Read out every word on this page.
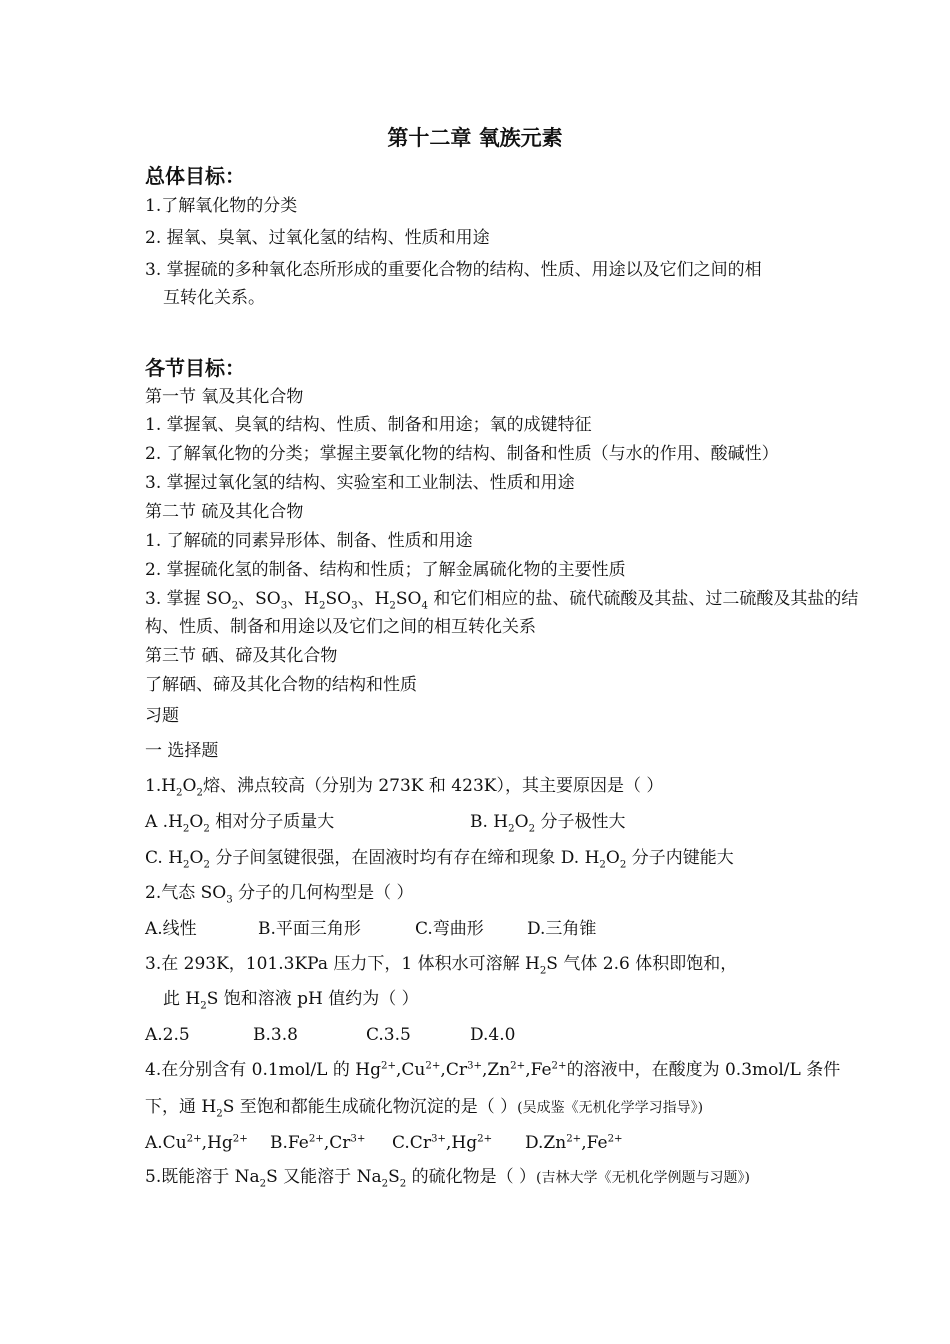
第十二章 氧族元素
总体目标：
1.了解氧化物的分类
2. 握氧、臭氧、过氧化氢的结构、性质和用途
3. 掌握硫的多种氧化态所形成的重要化合物的结构、性质、用途以及它们之间的相
互转化关系。
各节目标：
第一节 氧及其化合物
1. 掌握氧、臭氧的结构、性质、制备和用途；氧的成键特征
2. 了解氧化物的分类；掌握主要氧化物的结构、制备和性质（与水的作用、酸碱性）
3. 掌握过氧化氢的结构、实验室和工业制法、性质和用途
第二节 硫及其化合物
1. 了解硫的同素异形体、制备、性质和用途
2. 掌握硫化氢的制备、结构和性质；了解金属硫化物的主要性质
3. 掌握 $SO_2$、$SO_3$、$H_2SO_3$、$H_2SO_4$ 和它们相应的盐、硫代硫酸及其盐、过二硫酸及其盐的结
构、性质、制备和用途以及它们之间的相互转化关系
第三节 硒、碲及其化合物
了解硒、碲及其化合物的结构和性质
习题
一 选择题
$1.H_2O_2$熔、沸点较高（分别为 273K 和 423K），其主要原因是（ ）
A $.H_2O_2$ 相对分子质量大	B. $H_2O_2$ 分子极性大
C. $H_2O_2$ 分子间氢键很强，在固液时均有存在缔和现象 D. $H_2O_2$ 分子内键能大
2.气态 $SO_3$ 分子的几何构型是（ ）
A.线性	B.平面三角形	C.弯曲形	D.三角锥
3.在 293K，101.3KPa 压力下，1 体积水可溶解 $H_2S$ 气体 2.6 体积即饱和，
此 $H_2S$ 饱和溶液 pH 值约为（ ）
A.2.5	B.3.8	C.3.5	D.4.0
4.在分别含有 0.1mol/L 的 $Hg^{2+},Cu^{2+},Cr^{3+},Zn^{2+},Fe^{2+}$的溶液中，在酸度为 0.3mol/L 条件
下，通 $H_2S$ 至饱和都能生成硫化物沉淀的是（ ）(吴成鉴《无机化学学习指导》)
$A.Cu^{2+},Hg^{2+}$ $B.Fe^{2+},Cr^{3+}$ $C.Cr^{3+},Hg^{2+}$ $D.Zn^{2+},Fe^{2+}$
5.既能溶于 $Na_2S$ 又能溶于 $Na_2S_2$ 的硫化物是（ ）(吉林大学《无机化学例题与习题》)
